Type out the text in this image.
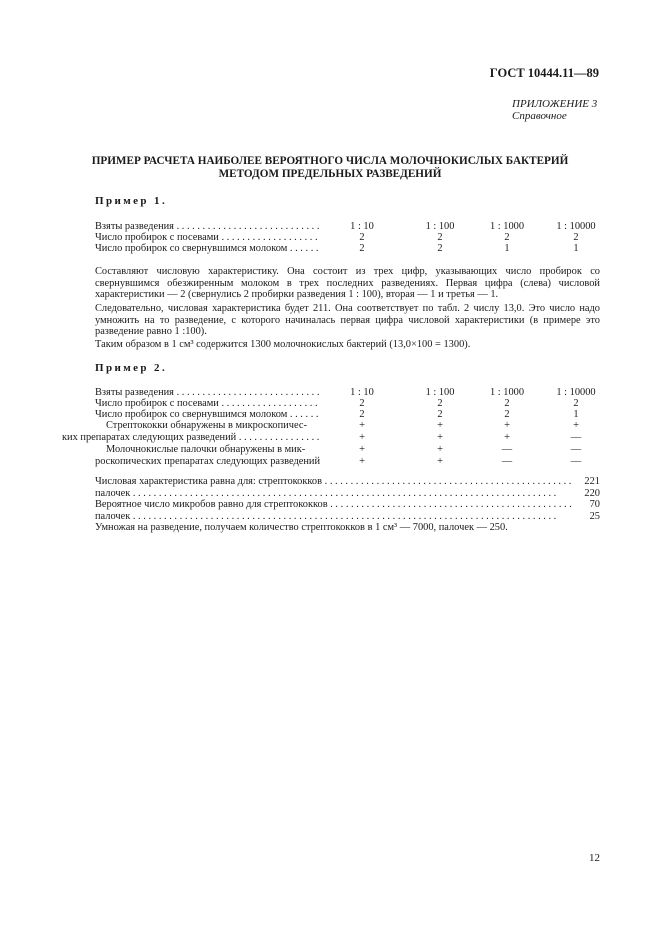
ГОСТ 10444.11—89
ПРИЛОЖЕНИЕ 3
Справочное
ПРИМЕР РАСЧЕТА НАИБОЛЕЕ ВЕРОЯТНОГО ЧИСЛА МОЛОЧНОКИСЛЫХ БАКТЕРИЙ
МЕТОДОМ ПРЕДЕЛЬНЫХ РАЗВЕДЕНИЙ
Пример 1.
Взяты разведения . . .	1 : 10	1 : 100	1 : 1000	1 : 10000
Число пробирок с посевами . . .	2	2	2	2
Число пробирок со свернувшимся молоком . . .	2	2	1	1
Составляют числовую характеристику. Она состоит из трех цифр, указывающих число пробирок со свернувшимся обезжиренным молоком в трех последних разведениях. Первая цифра (слева) числовой характеристики — 2 (свернулись 2 пробирки разведения 1 : 100), вторая — 1 и третья — 1.
Следовательно, числовая характеристика будет 211. Она соответствует по табл. 2 числу 13,0. Это число надо умножить на то разведение, с которого начиналась первая цифра числовой характеристики (в примере это разведение равно 1 :100).
Таким образом в 1 см³ содержится 1300 молочнокислых бактерий (13,0×100 = 1300).
Пример 2.
Взяты разведения . . .	1 : 10	1 : 100	1 : 1000	1 : 10000
Число пробирок с посевами . . .	2	2	2	2
Число пробирок со свернувшимся молоком . . .	2	2	2	1
Стрептококки обнаружены в микроскопичес-	+	+	+	+
ких препаратах следующих разведений . . .	+	+	+	—
Молочнокислые палочки обнаружены в мик-	+	+	—	—
роскопических препаратах следующих разведений . . .	+	+	—	—
Числовая характеристика равна для: стрептококков . . .	221
палочек . . .	220
Вероятное число микробов равно для стрептококков . . .	70
палочек . . .	25
Умножая на разведение, получаем количество стрептококков в 1 см³ — 7000, палочек — 250.
12
